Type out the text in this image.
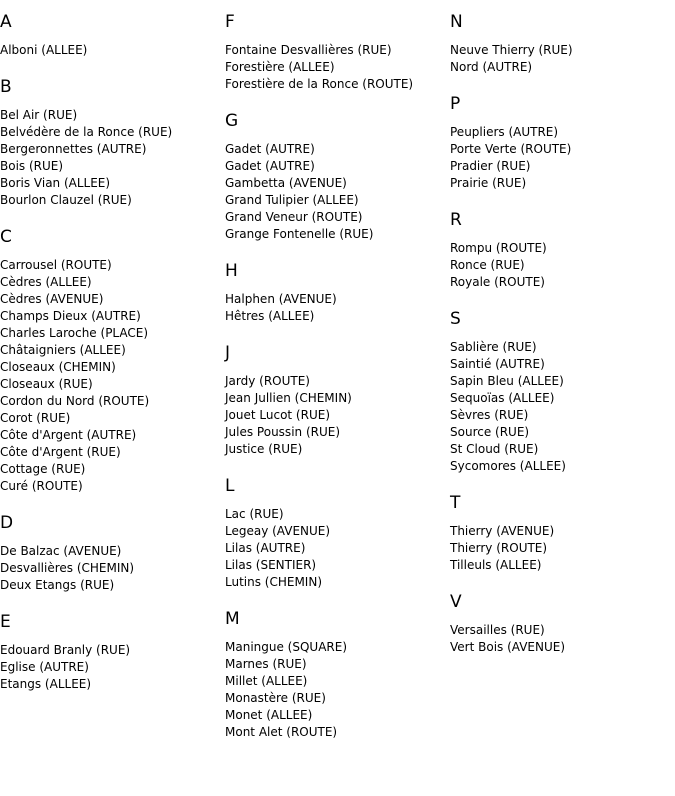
A
Alboni (ALLEE)
B
Bel Air (RUE)
Belvédère de la Ronce (RUE)
Bergeronnettes (AUTRE)
Bois (RUE)
Boris Vian (ALLEE)
Bourlon Clauzel (RUE)
C
Carrousel (ROUTE)
Cèdres (ALLEE)
Cèdres (AVENUE)
Champs Dieux (AUTRE)
Charles Laroche (PLACE)
Châtaigniers (ALLEE)
Closeaux (CHEMIN)
Closeaux (RUE)
Cordon du Nord (ROUTE)
Corot (RUE)
Côte d'Argent (AUTRE)
Côte d'Argent (RUE)
Cottage (RUE)
Curé (ROUTE)
D
De Balzac (AVENUE)
Desvallières (CHEMIN)
Deux Etangs (RUE)
E
Edouard Branly (RUE)
Eglise (AUTRE)
Etangs (ALLEE)
F
Fontaine Desvallières (RUE)
Forestière (ALLEE)
Forestière de la Ronce (ROUTE)
G
Gadet (AUTRE)
Gadet (AUTRE)
Gambetta (AVENUE)
Grand Tulipier (ALLEE)
Grand Veneur (ROUTE)
Grange Fontenelle (RUE)
H
Halphen (AVENUE)
Hêtres (ALLEE)
J
Jardy (ROUTE)
Jean Jullien (CHEMIN)
Jouet Lucot (RUE)
Jules Poussin (RUE)
Justice (RUE)
L
Lac (RUE)
Legeay (AVENUE)
Lilas (AUTRE)
Lilas (SENTIER)
Lutins (CHEMIN)
M
Maningue (SQUARE)
Marnes (RUE)
Millet (ALLEE)
Monastère (RUE)
Monet (ALLEE)
Mont Alet (ROUTE)
N
Neuve Thierry (RUE)
Nord (AUTRE)
P
Peupliers (AUTRE)
Porte Verte (ROUTE)
Pradier (RUE)
Prairie (RUE)
R
Rompu (ROUTE)
Ronce (RUE)
Royale (ROUTE)
S
Sablière (RUE)
Saintié (AUTRE)
Sapin Bleu (ALLEE)
Sequoïas (ALLEE)
Sèvres (RUE)
Source (RUE)
St Cloud (RUE)
Sycomores (ALLEE)
T
Thierry (AVENUE)
Thierry (ROUTE)
Tilleuls (ALLEE)
V
Versailles (RUE)
Vert Bois (AVENUE)
